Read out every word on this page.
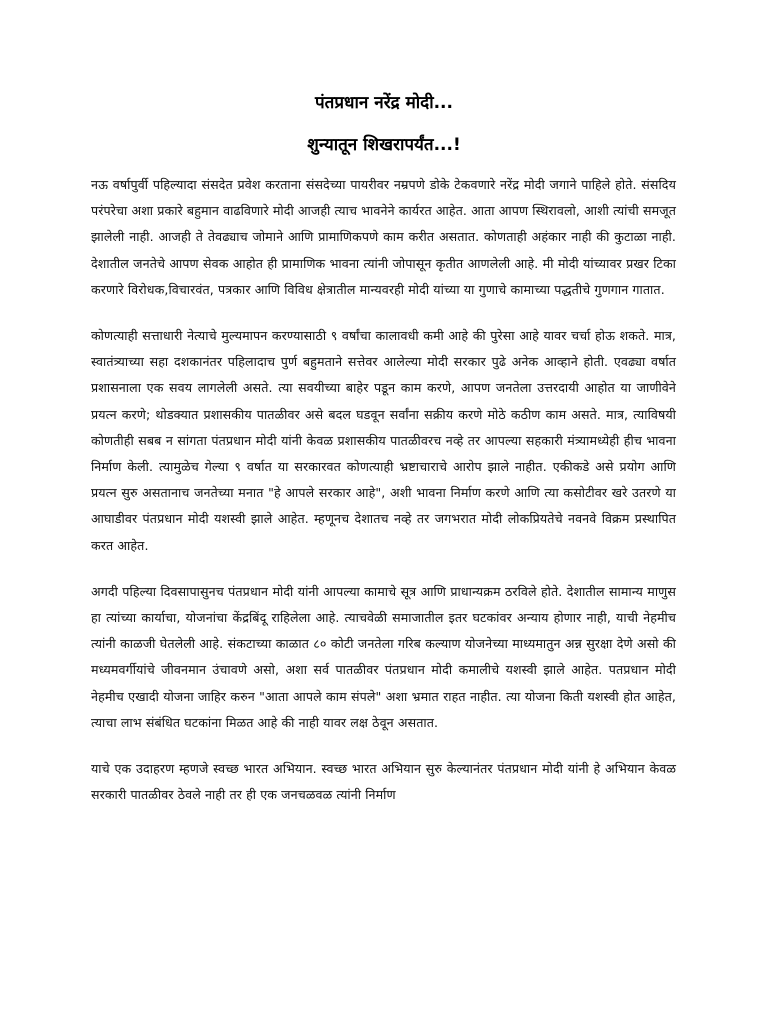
पंतप्रधान नरेंद्र मोदी...
शुन्यातून शिखरापर्यंत...!

नऊ वर्षापुर्वी पहिल्यादा संसदेत प्रवेश करताना संसदेच्या पायरीवर नम्रपणे डोके टेकवणारे नरेंद्र मोदी जगाने पाहिले होते. संसदिय परंपरेचा अशा प्रकारे बहुमान वाढविणारे मोदी आजही त्याच भावनेने कार्यरत आहेत. आता आपण स्थिरावलो, आशी त्यांची समजूत झालेली नाही. आजही ते तेवढ्याच जोमाने आणि प्रामाणिकपणे काम करीत असतात. कोणताही अहंकार नाही की कुटाळा नाही. देशातील जनतेचे आपण सेवक आहोत ही प्रामाणिक भावना त्यांनी जोपासून कृतीत आणलेली आहे. मी मोदी यांच्यावर प्रखर टिका करणारे विरोधक,विचारवंत, पत्रकार आणि विविध क्षेत्रातील मान्यवरही मोदी यांच्या या गुणाचे कामाच्या पद्धतीचे गुणगान गातात.

कोणत्याही सत्ताधारी नेत्याचे मुल्यमापन करण्यासाठी ९ वर्षांचा कालावधी कमी आहे की पुरेसा आहे यावर चर्चा होऊ शकते. मात्र, स्वातंत्र्याच्या सहा दशकानंतर पहिलादाच पुर्ण बहुमताने सत्तेवर आलेल्या मोदी सरकार पुढे अनेक आव्हाने होती. एवढ्या वर्षात प्रशासनाला एक सवय लागलेली असते. त्या सवयीच्या बाहेर पडून काम करणे, आपण जनतेला उत्तरदायी आहोत या जाणीवेने प्रयत्न करणे; थोडक्यात प्रशासकीय पातळीवर असे बदल घडवून सर्वांना सक्रीय करणे मोठे कठीण काम असते. मात्र, त्याविषयी कोणतीही सबब न सांगता पंतप्रधान मोदी यांनी केवळ प्रशासकीय पातळीवरच नव्हे तर आपल्या सहकारी मंत्र्यामध्येही हीच भावना निर्माण केली. त्यामुळेच गेल्या ९ वर्षात या सरकारवत कोणत्याही भ्रष्टाचाराचे आरोप झाले नाहीत. एकीकडे असे प्रयोग आणि प्रयत्न सुरु असतानाच जनतेच्या मनात "हे आपले सरकार आहे", अशी भावना निर्माण करणे आणि त्या कसोटीवर खरे उतरणे या आघाडीवर पंतप्रधान मोदी यशस्वी झाले आहेत. म्हणूनच देशातच नव्हे तर जगभरात मोदी लोकप्रियतेचे नवनवे विक्रम प्रस्थापित करत आहेत.

अगदी पहिल्या दिवसापासुनच पंतप्रधान मोदी यांनी आपल्या कामाचे सूत्र आणि प्राधान्यक्रम ठरविले होते. देशातील सामान्य माणुस हा त्यांच्या कार्याचा, योजनांचा केंद्रबिंदू राहिलेला आहे. त्याचवेळी समाजातील इतर घटकांवर अन्याय होणार नाही, याची नेहमीच त्यांनी काळजी घेतलेली आहे. संकटाच्या काळात ८० कोटी जनतेला गरिब कल्याण योजनेच्या माध्यमातुन अन्न सुरक्षा देणे असो की मध्यमवर्गीयांचे जीवनमान उंचावणे असो, अशा सर्व पातळीवर पंतप्रधान मोदी कमालीचे यशस्वी झाले आहेत. पतप्रधान मोदी नेहमीच एखादी योजना जाहिर करुन "आता आपले काम संपले" अशा भ्रमात राहत नाहीत. त्या योजना किती यशस्वी होत आहेत, त्याचा लाभ संबंधित घटकांना मिळत आहे की नाही यावर लक्ष ठेवून असतात.

याचे एक उदाहरण म्हणजे स्वच्छ भारत अभियान. स्वच्छ भारत अभियान सुरु केल्यानंतर पंतप्रधान मोदी यांनी हे अभियान केवळ सरकारी पातळीवर ठेवले नाही तर ही एक जनचळवळ त्यांनी निर्माण
